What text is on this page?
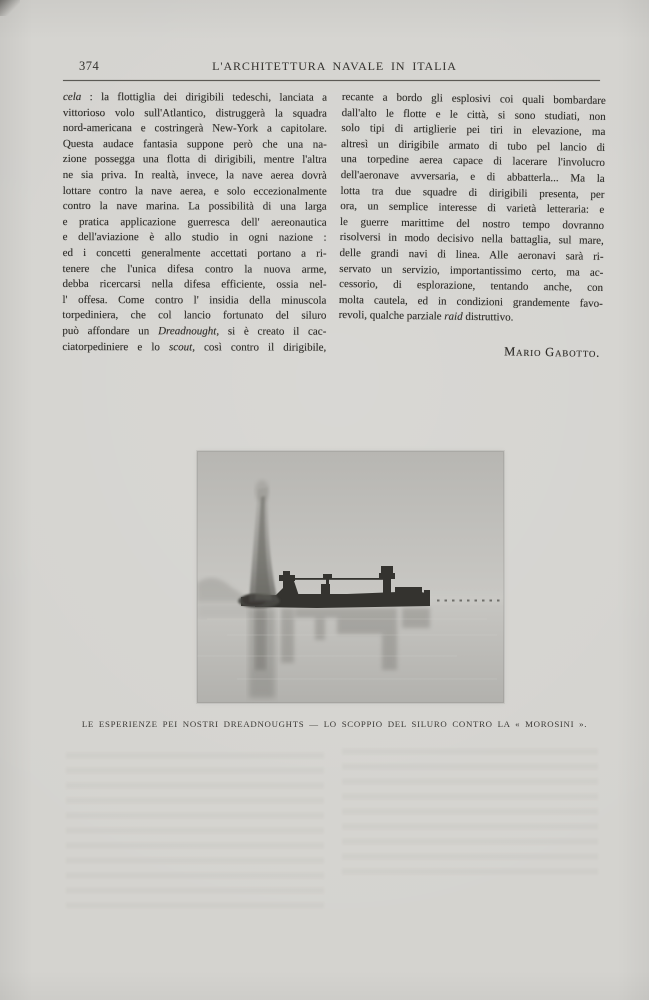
374	L'ARCHITETTURA NAVALE IN ITALIA
cela : la flottiglia dei dirigibili tedeschi, lanciata a
vittorioso volo sull'Atlantico, distruggerà la squadra
nord-americana e costringerà New-York a capitolare.
Questa audace fantasia suppone però che una na-
zione possegga una flotta di dirigibili, mentre l'altra
ne sia priva. In realtà, invece, la nave aerea dovrà
lottare contro la nave aerea, e solo eccezionalmente
contro la nave marina. La possibilità di una larga
e pratica applicazione guerresca dell' aereonautica
e dell'aviazione è allo studio in ogni nazione :
ed i concetti generalmente accettati portano a ri-
tenere che l'unica difesa contro la nuova arme,
debba ricercarsi nella difesa efficiente, ossia nel-
l' offesa. Come contro l' insidia della minuscola
torpediniera, che col lancio fortunato del siluro
può affondare un Dreadnought, si è creato il cac-
ciatorpediniere e lo scout, così contro il dirigibile,
recante a bordo gli esplosivi coi quali bombardare
dall'alto le flotte e le città, si sono studiati, non
solo tipi di artiglierie pei tiri in elevazione, ma
altresì un dirigibile armato di tubo pel lancio di
una torpedine aerea capace di lacerare l'involucro
dell'aeronave avversaria, e di abbatterla... Ma la
lotta tra due squadre di dirigibili presenta, per
ora, un semplice interesse di varietà letteraria: e
le guerre marittime del nostro tempo dovranno
risolversi in modo decisivo nella battaglia, sul mare,
delle grandi navi di linea. Alle aeronavi sarà ri-
servato un servizio, importantissimo certo, ma ac-
cessorio, di esplorazione, tentando anche, con
molta cautela, ed in condizioni grandemente favo-
revoli, qualche parziale raid distruttivo.
Mario Gabotto.
LE ESPERIENZE PEI NOSTRI DREADNOUGHTS — LO SCOPPIO DEL SILURO CONTRO LA « MOROSINI ».
